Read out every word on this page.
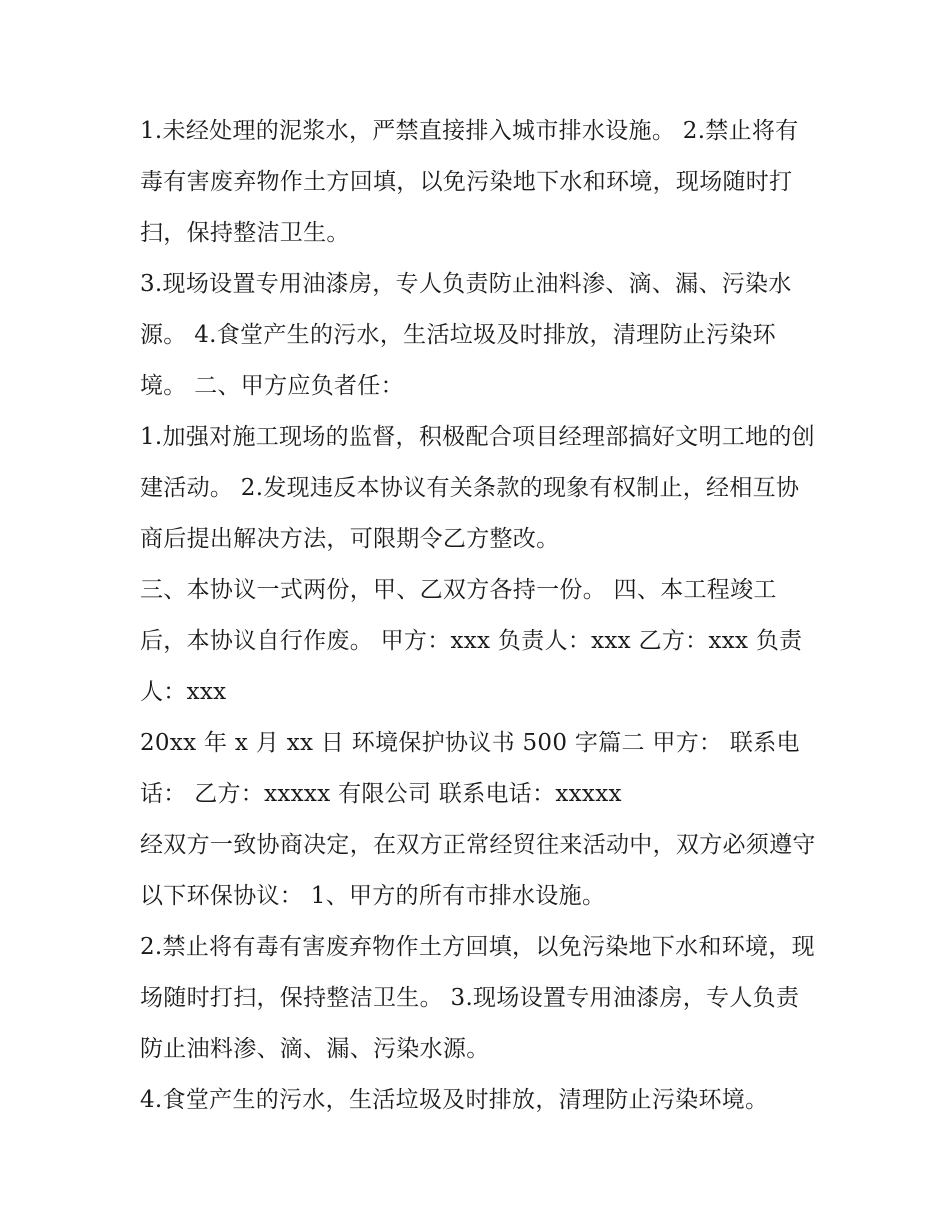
1.未经处理的泥浆水，严禁直接排入城市排水设施。 2.禁止将有毒有害废弃物作土方回填，以免污染地下水和环境，现场随时打扫，保持整洁卫生。

3.现场设置专用油漆房，专人负责防止油料渗、滴、漏、污染水源。 4.食堂产生的污水，生活垃圾及时排放，清理防止污染环境。 二、甲方应负者任：

1.加强对施工现场的监督，积极配合项目经理部搞好文明工地的创建活动。 2.发现违反本协议有关条款的现象有权制止，经相互协商后提出解决方法，可限期令乙方整改。

三、本协议一式两份，甲、乙双方各持一份。 四、本工程竣工后，本协议自行作废。 甲方：xxx 负责人：xxx 乙方：xxx 负责人：xxx

20xx 年 x 月 xx 日 环境保护协议书 500 字篇二 甲方： 联系电话： 乙方：xxxxx 有限公司 联系电话：xxxxx

经双方一致协商决定，在双方正常经贸往来活动中，双方必须遵守以下环保协议： 1、甲方的所有市排水设施。

2.禁止将有毒有害废弃物作土方回填，以免污染地下水和环境，现场随时打扫，保持整洁卫生。 3.现场设置专用油漆房，专人负责防止油料渗、滴、漏、污染水源。

4.食堂产生的污水，生活垃圾及时排放，清理防止污染环境。
